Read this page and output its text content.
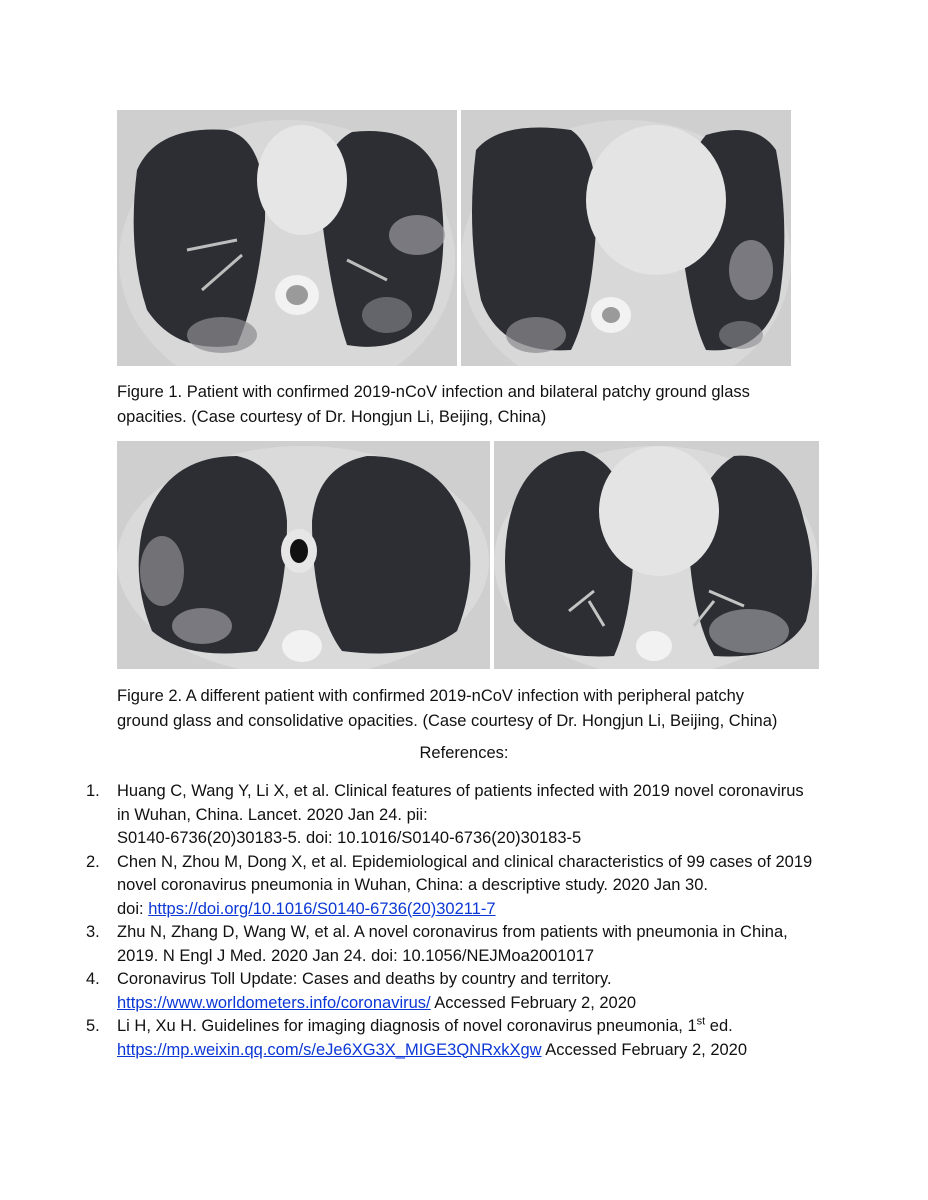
Figure 1. Patient with confirmed 2019-nCoV infection and bilateral patchy ground glass
opacities. (Case courtesy of Dr. Hongjun Li, Beijing, China)
Figure 2. A different patient with confirmed 2019-nCoV infection with peripheral patchy
ground glass and consolidative opacities. (Case courtesy of Dr. Hongjun Li, Beijing, China)
References:
1.	Huang C, Wang Y, Li X, et al. Clinical features of patients infected with 2019 novel coronavirus
in Wuhan, China. Lancet. 2020 Jan 24. pii:
S0140-6736(20)30183-5. doi: 10.1016/S0140-6736(20)30183-5
2.	Chen N, Zhou M, Dong X, et al. Epidemiological and clinical characteristics of 99 cases of 2019
novel coronavirus pneumonia in Wuhan, China: a descriptive study. 2020 Jan 30.
doi: https://doi.org/10.1016/S0140-6736(20)30211-7
3.	Zhu N, Zhang D, Wang W, et al. A novel coronavirus from patients with pneumonia in China,
2019. N Engl J Med. 2020 Jan 24. doi: 10.1056/NEJMoa2001017
4.	Coronavirus Toll Update: Cases and deaths by country and territory.
https://www.worldometers.info/coronavirus/ Accessed February 2, 2020
5.	Li H, Xu H. Guidelines for imaging diagnosis of novel coronavirus pneumonia, 1st ed.
https://mp.weixin.qq.com/s/eJe6XG3X_MIGE3QNRxkXgw Accessed February 2, 2020
